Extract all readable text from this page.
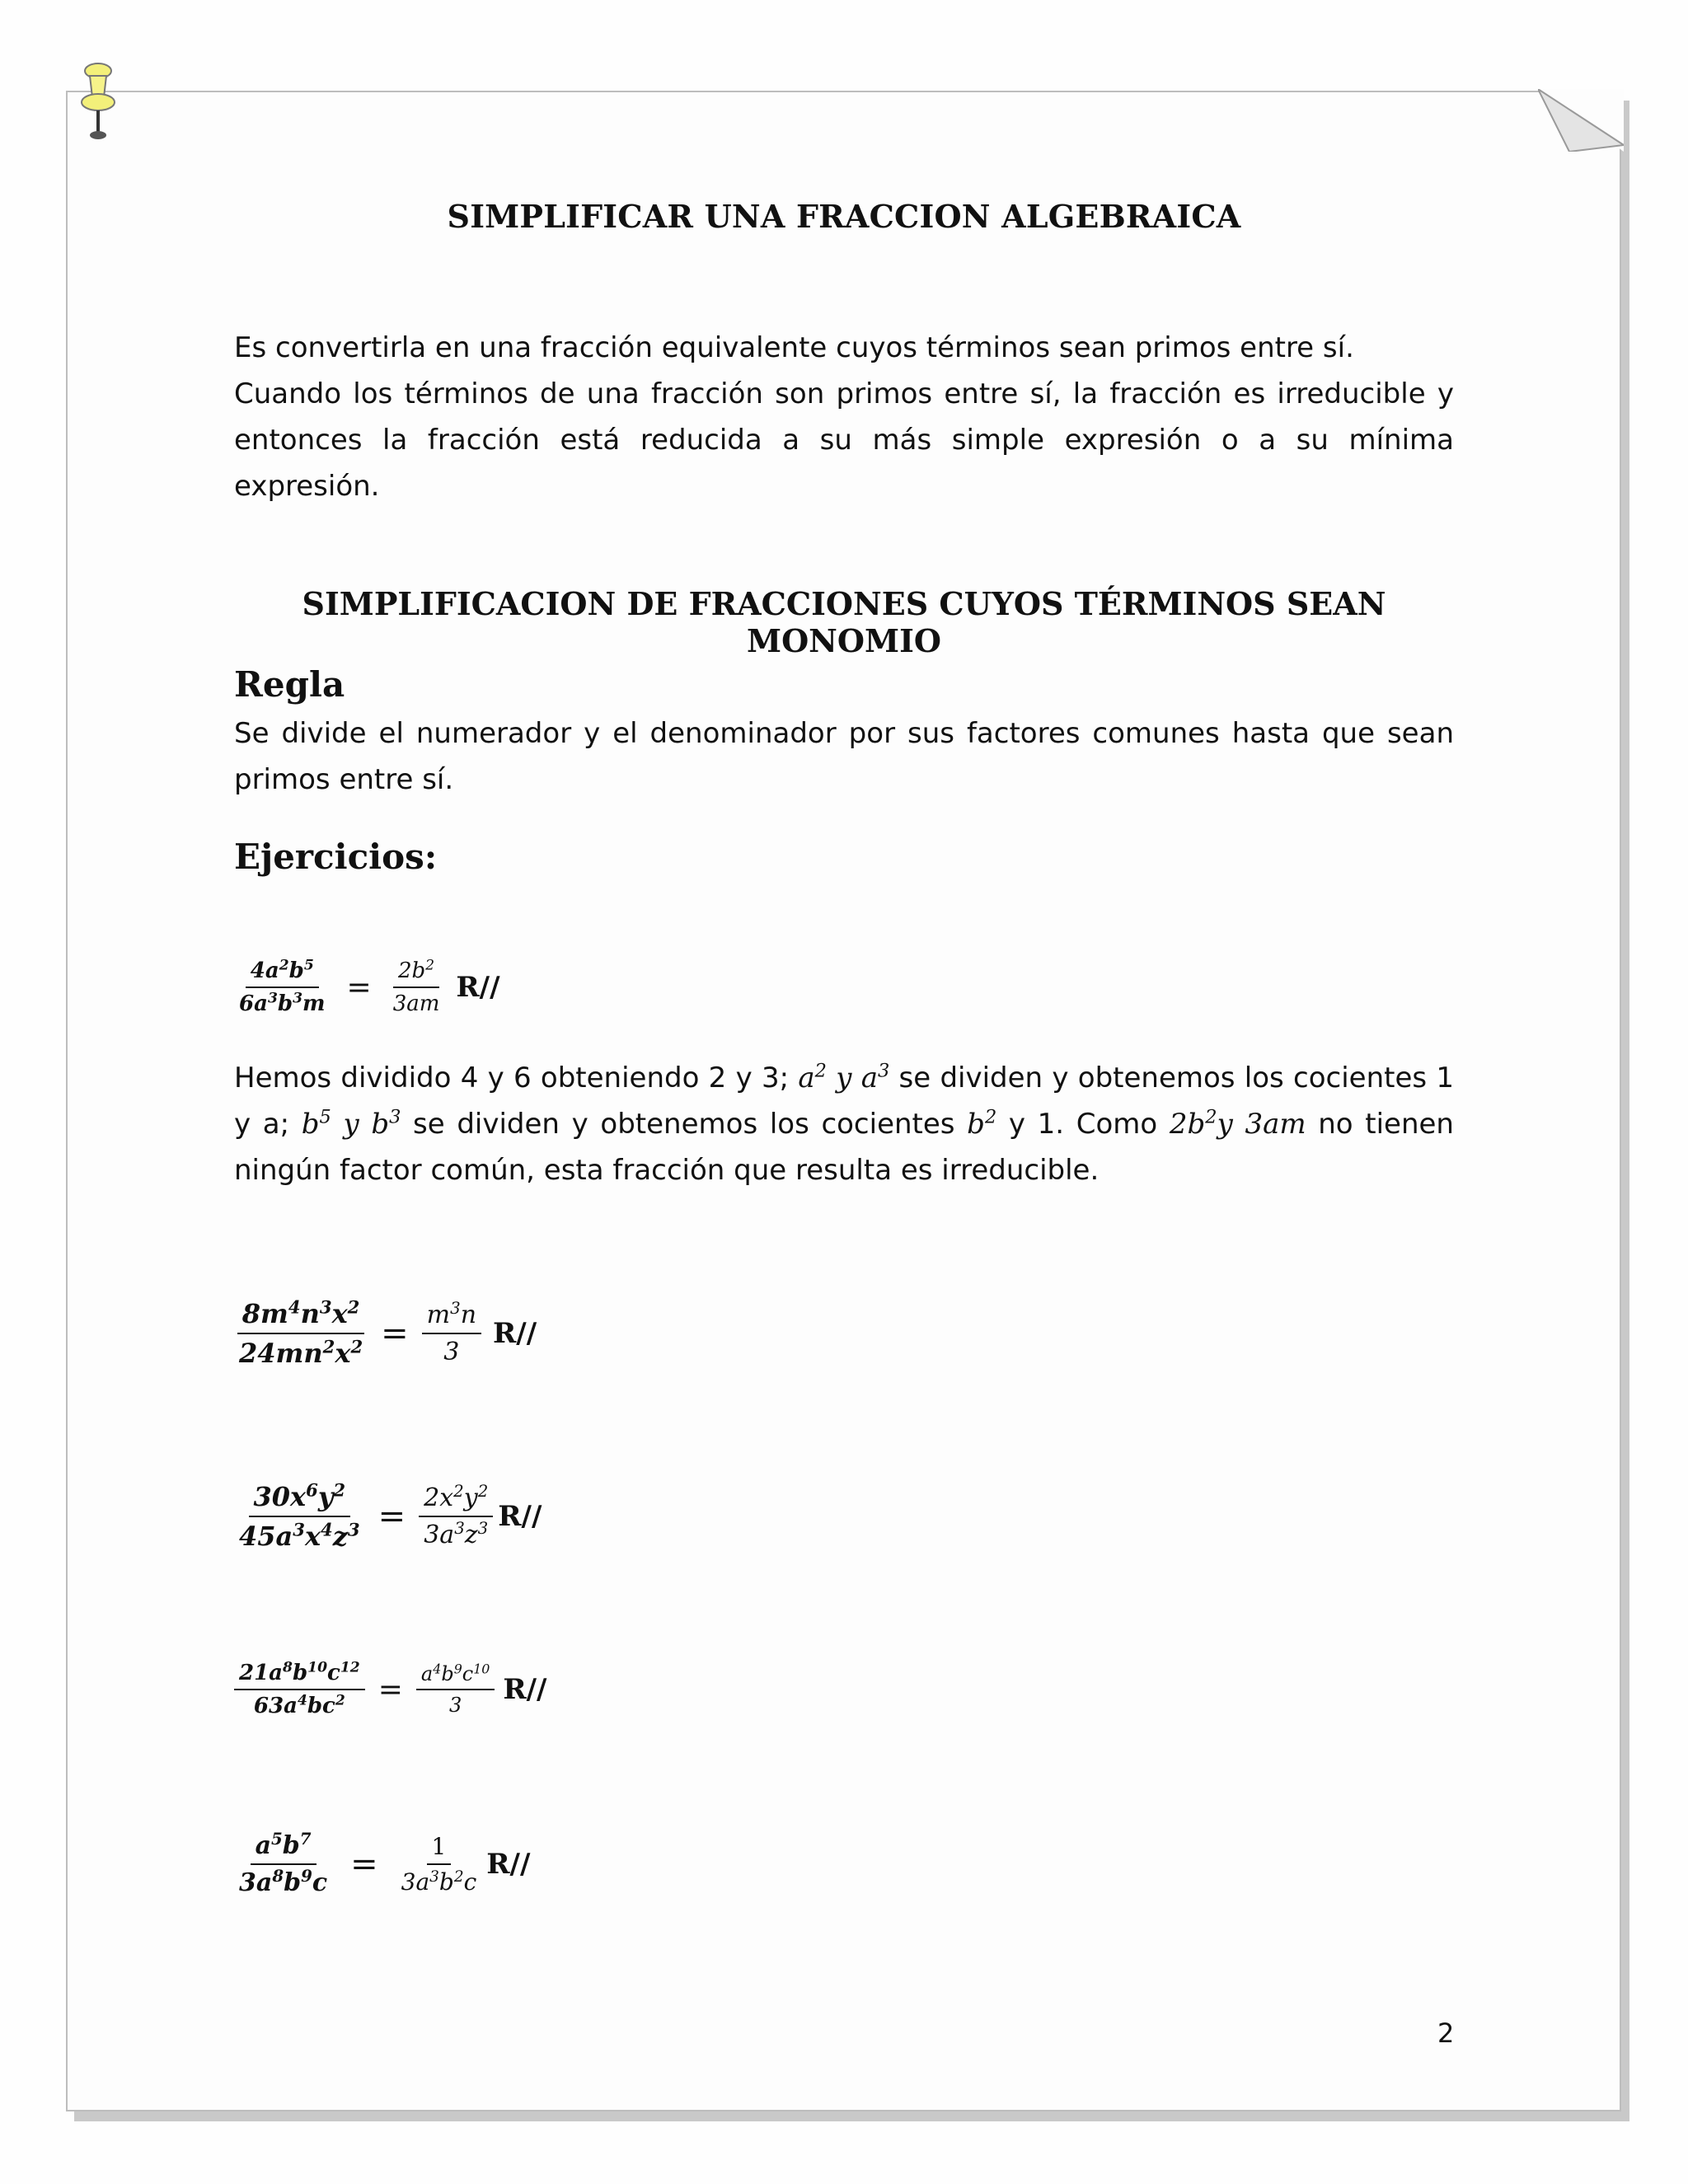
SIMPLIFICAR UNA FRACCION ALGEBRAICA
Es convertirla en una fracción equivalente cuyos términos sean primos entre sí.
Cuando los términos de una fracción son primos entre sí, la fracción es irreducible y entonces la fracción está reducida a su más simple expresión o a su mínima expresión.
SIMPLIFICACION DE FRACCIONES CUYOS TÉRMINOS SEAN MONOMIO
Regla
Se divide el numerador y el denominador por sus factores comunes hasta que sean primos entre sí.
Ejercicios:
$\frac{4a^2b^5}{6a^3b^3m} = \frac{2b^2}{3am} R//$
Hemos dividido 4 y 6 obteniendo 2 y 3; $a^2$ y $a^3$ se dividen y obtenemos los cocientes 1 y a; $b^5$ y $b^3$ se dividen y obtenemos los cocientes $b^2$ y 1. Como $2b^2y$ 3am no tienen ningún factor común, esta fracción que resulta es irreducible.
$\frac{8m^4n^3x^2}{24mn^2x^2} = \frac{m^3n}{3} R//$
$\frac{30x^6y^2}{45a^3x^4z^3} = \frac{2x^2y^2}{3a^3z^3} R//$
$\frac{21a^8b^{10}c^{12}}{63a^4bc^2} = \frac{a^4b^9c^{10}}{3} R//$
$\frac{a^5b^7}{3a^8b^9c} = \frac{1}{3a^3b^2c} R//$
2
